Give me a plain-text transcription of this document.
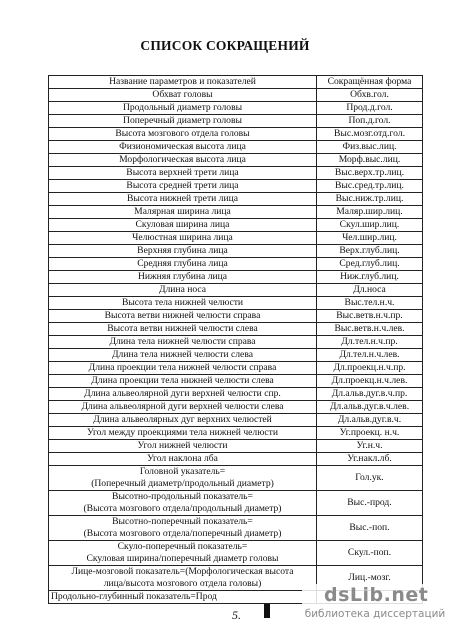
СПИСОК СОКРАЩЕНИЙ
Название параметров и показателей	Сокращённая форма
Обхват головы	Обхв.гол.
Продольный диаметр головы	Прод.д.гол.
Поперечный диаметр головы	Поп.д.гол.
Высота мозгового отдела головы	Выс.мозг.отд.гол.
Физиономическая высота лица	Физ.выс.лиц.
Морфологическая высота лица	Морф.выс.лиц.
Высота верхней трети лица	Выс.верх.тр.лиц.
Высота средней трети лица	Выс.сред.тр.лиц.
Высота нижней трети лица	Выс.ниж.тр.лиц.
Малярная ширина лица	Маляр.шир.лиц.
Скуловая ширина лица	Скул.шир.лиц.
Челюстная ширина лица	Чел.шир.лиц.
Верхняя глубина лица	Верх.глуб.лиц.
Средняя глубина лица	Сред.глуб.лиц.
Нижняя глубина лица	Ниж.глуб.лиц.
Длина носа	Дл.носа
Высота тела нижней челюсти	Выс.тел.н.ч.
Высота ветви нижней челюсти справа	Выс.ветв.н.ч.пр.
Высота ветви нижней челюсти слева	Выс.ветв.н.ч.лев.
Длина тела нижней челюсти справа	Дл.тел.н.ч.пр.
Длина тела нижней челюсти слева	Дл.тел.н.ч.лев.
Длина проекции тела нижней челюсти справа	Дл.проекц.н.ч.пр.
Длина проекции тела нижней челюсти слева	Дл.проекц.н.ч.лев.
Длина альвеолярной дуги верхней челюсти спр.	Дл.альв.дуг.в.ч.пр.
Длина альвеолярной дуги верхней челюсти слева	Дл.альв.дуг.в.ч.лев.
Длина альвеолярных дуг верхних челюстей	Дл.альв.дуг.в.ч.
Угол между проекциями тела нижней челюсти	Уг.проекц. н.ч.
Угол нижней челюсти	Уг.н.ч.
Угол наклона лба	Уг.накл.лб.
Головной указатель=
(Поперечный диаметр/продольный диаметр)	Гол.ук.
Высотно-продольный показатель=
(Высота мозгового отдела/продольный диаметр)	Выс.-прод.
Высотно-поперечный показатель=
(Высота мозгового отдела/поперечный диаметр)	Выс.-поп.
Скуло-поперечный показатель=
Скуловая ширина/поперечный диаметр головы	Скул.-поп.
Лице-мозговой показатель=(Морфологическая высота
лица/высота мозгового отдела головы)	Лиц.-мозг.
Продольно-глубинный показатель=Прод	
5.
dsLib.net
библиотека диссертаций
